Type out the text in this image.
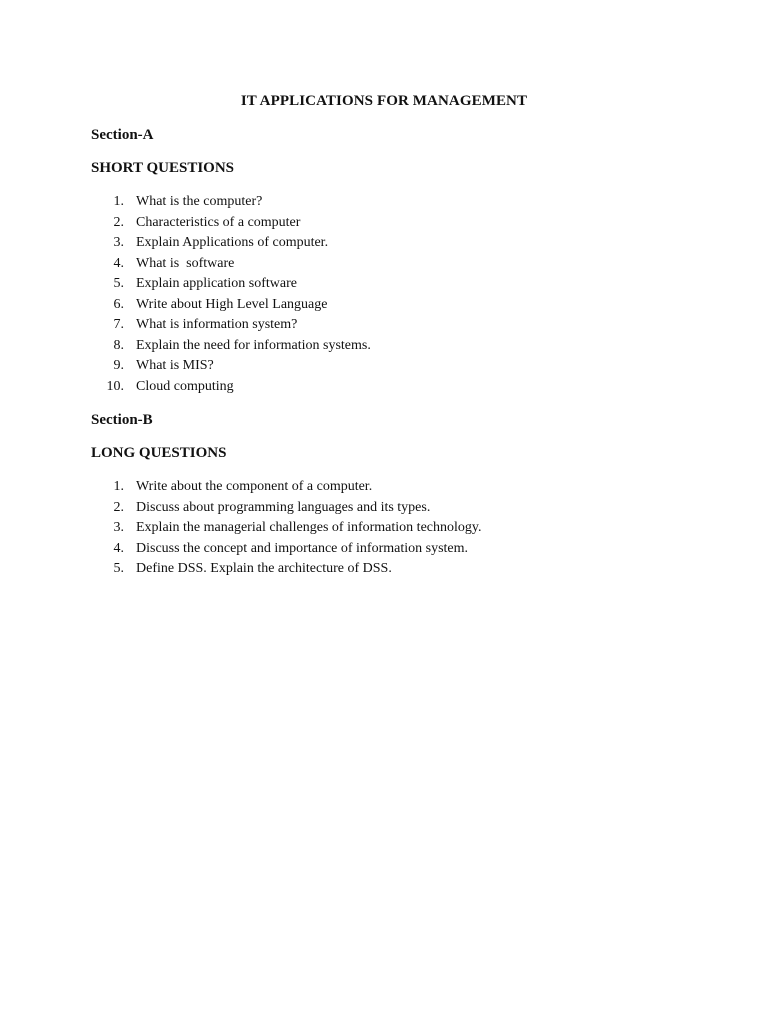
IT APPLICATIONS FOR MANAGEMENT
Section-A
SHORT QUESTIONS
1. What is the computer?
2. Characteristics of a computer
3. Explain Applications of computer.
4. What is  software
5. Explain application software
6. Write about High Level Language
7. What is information system?
8. Explain the need for information systems.
9. What is MIS?
10. Cloud computing
Section-B
LONG QUESTIONS
1. Write about the component of a computer.
2. Discuss about programming languages and its types.
3. Explain the managerial challenges of information technology.
4. Discuss the concept and importance of information system.
5. Define DSS. Explain the architecture of DSS.
